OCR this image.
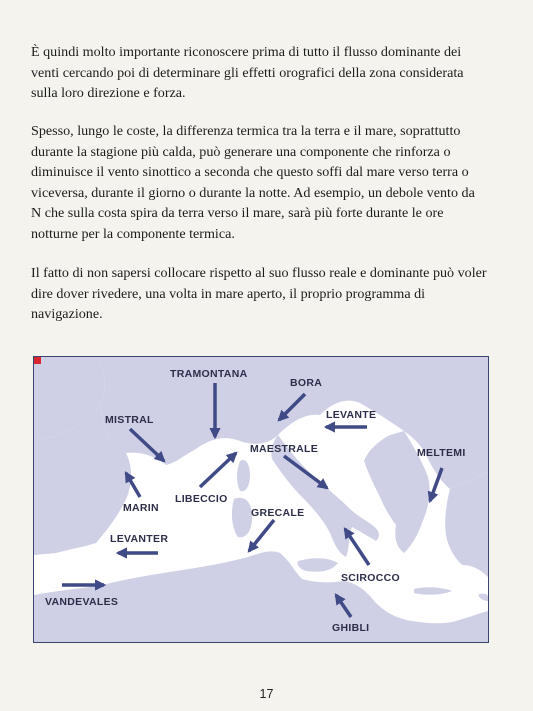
È quindi molto importante riconoscere prima di tutto il flusso dominante dei venti cercando poi di determinare gli effetti orografici della zona considerata sulla loro direzione e forza.

Spesso, lungo le coste, la differenza termica tra la terra e il mare, soprattutto durante la stagione più calda, può generare una componente che rinforza o diminuisce il vento sinottico a seconda che questo soffi dal mare verso terra o viceversa, durante il giorno o durante la notte. Ad esempio, un debole vento da N che sulla costa spira da terra verso il mare, sarà più forte durante le ore notturne per la componente termica.

Il fatto di non sapersi collocare rispetto al suo flusso reale e dominante può voler dire dover rivedere, una volta in mare aperto, il proprio programma di navigazione.

TRAMONTANA
BORA
LEVANTE
MISTRAL
MAESTRALE	MELTEMI
MARIN
LIBECCIO
GRECALE
LEVANTER
VANDEVALES
SCIROCCO
GHIBLI
17
